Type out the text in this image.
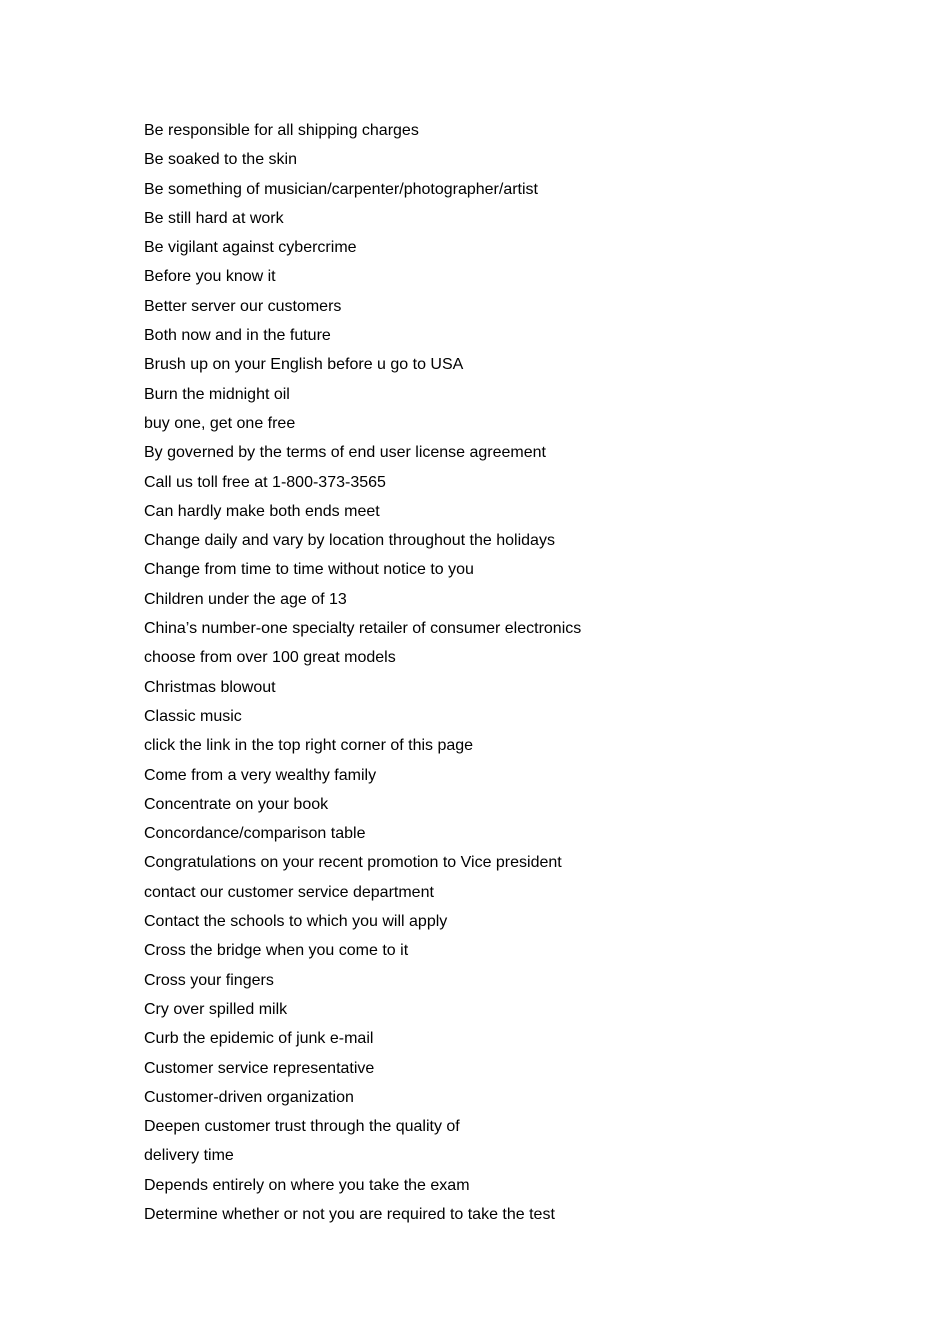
Be responsible for all shipping charges
Be soaked to the skin
Be something of musician/carpenter/photographer/artist
Be still hard at work
Be vigilant against cybercrime
Before you know it
Better server our customers
Both now and in the future
Brush up on your English before u go to USA
Burn the midnight oil
buy one, get one free
By governed by the terms of end user license agreement
Call us toll free at 1-800-373-3565
Can hardly make both ends meet
Change daily and vary by location throughout the holidays
Change from time to time without notice to you
Children under the age of 13
China’s number-one specialty retailer of consumer electronics
choose from over 100 great models
Christmas blowout
Classic music
click the link in the top right corner of this page
Come from a very wealthy family
Concentrate on your book
Concordance/comparison table
Congratulations on your recent promotion to Vice president
contact our customer service department
Contact the schools to which you will apply
Cross the bridge when you come to it
Cross your fingers
Cry over spilled milk
Curb the epidemic of junk e-mail
Customer service representative
Customer-driven organization
Deepen customer trust through the quality of
delivery time
Depends entirely on where you take the exam
Determine whether or not you are required to take the test
